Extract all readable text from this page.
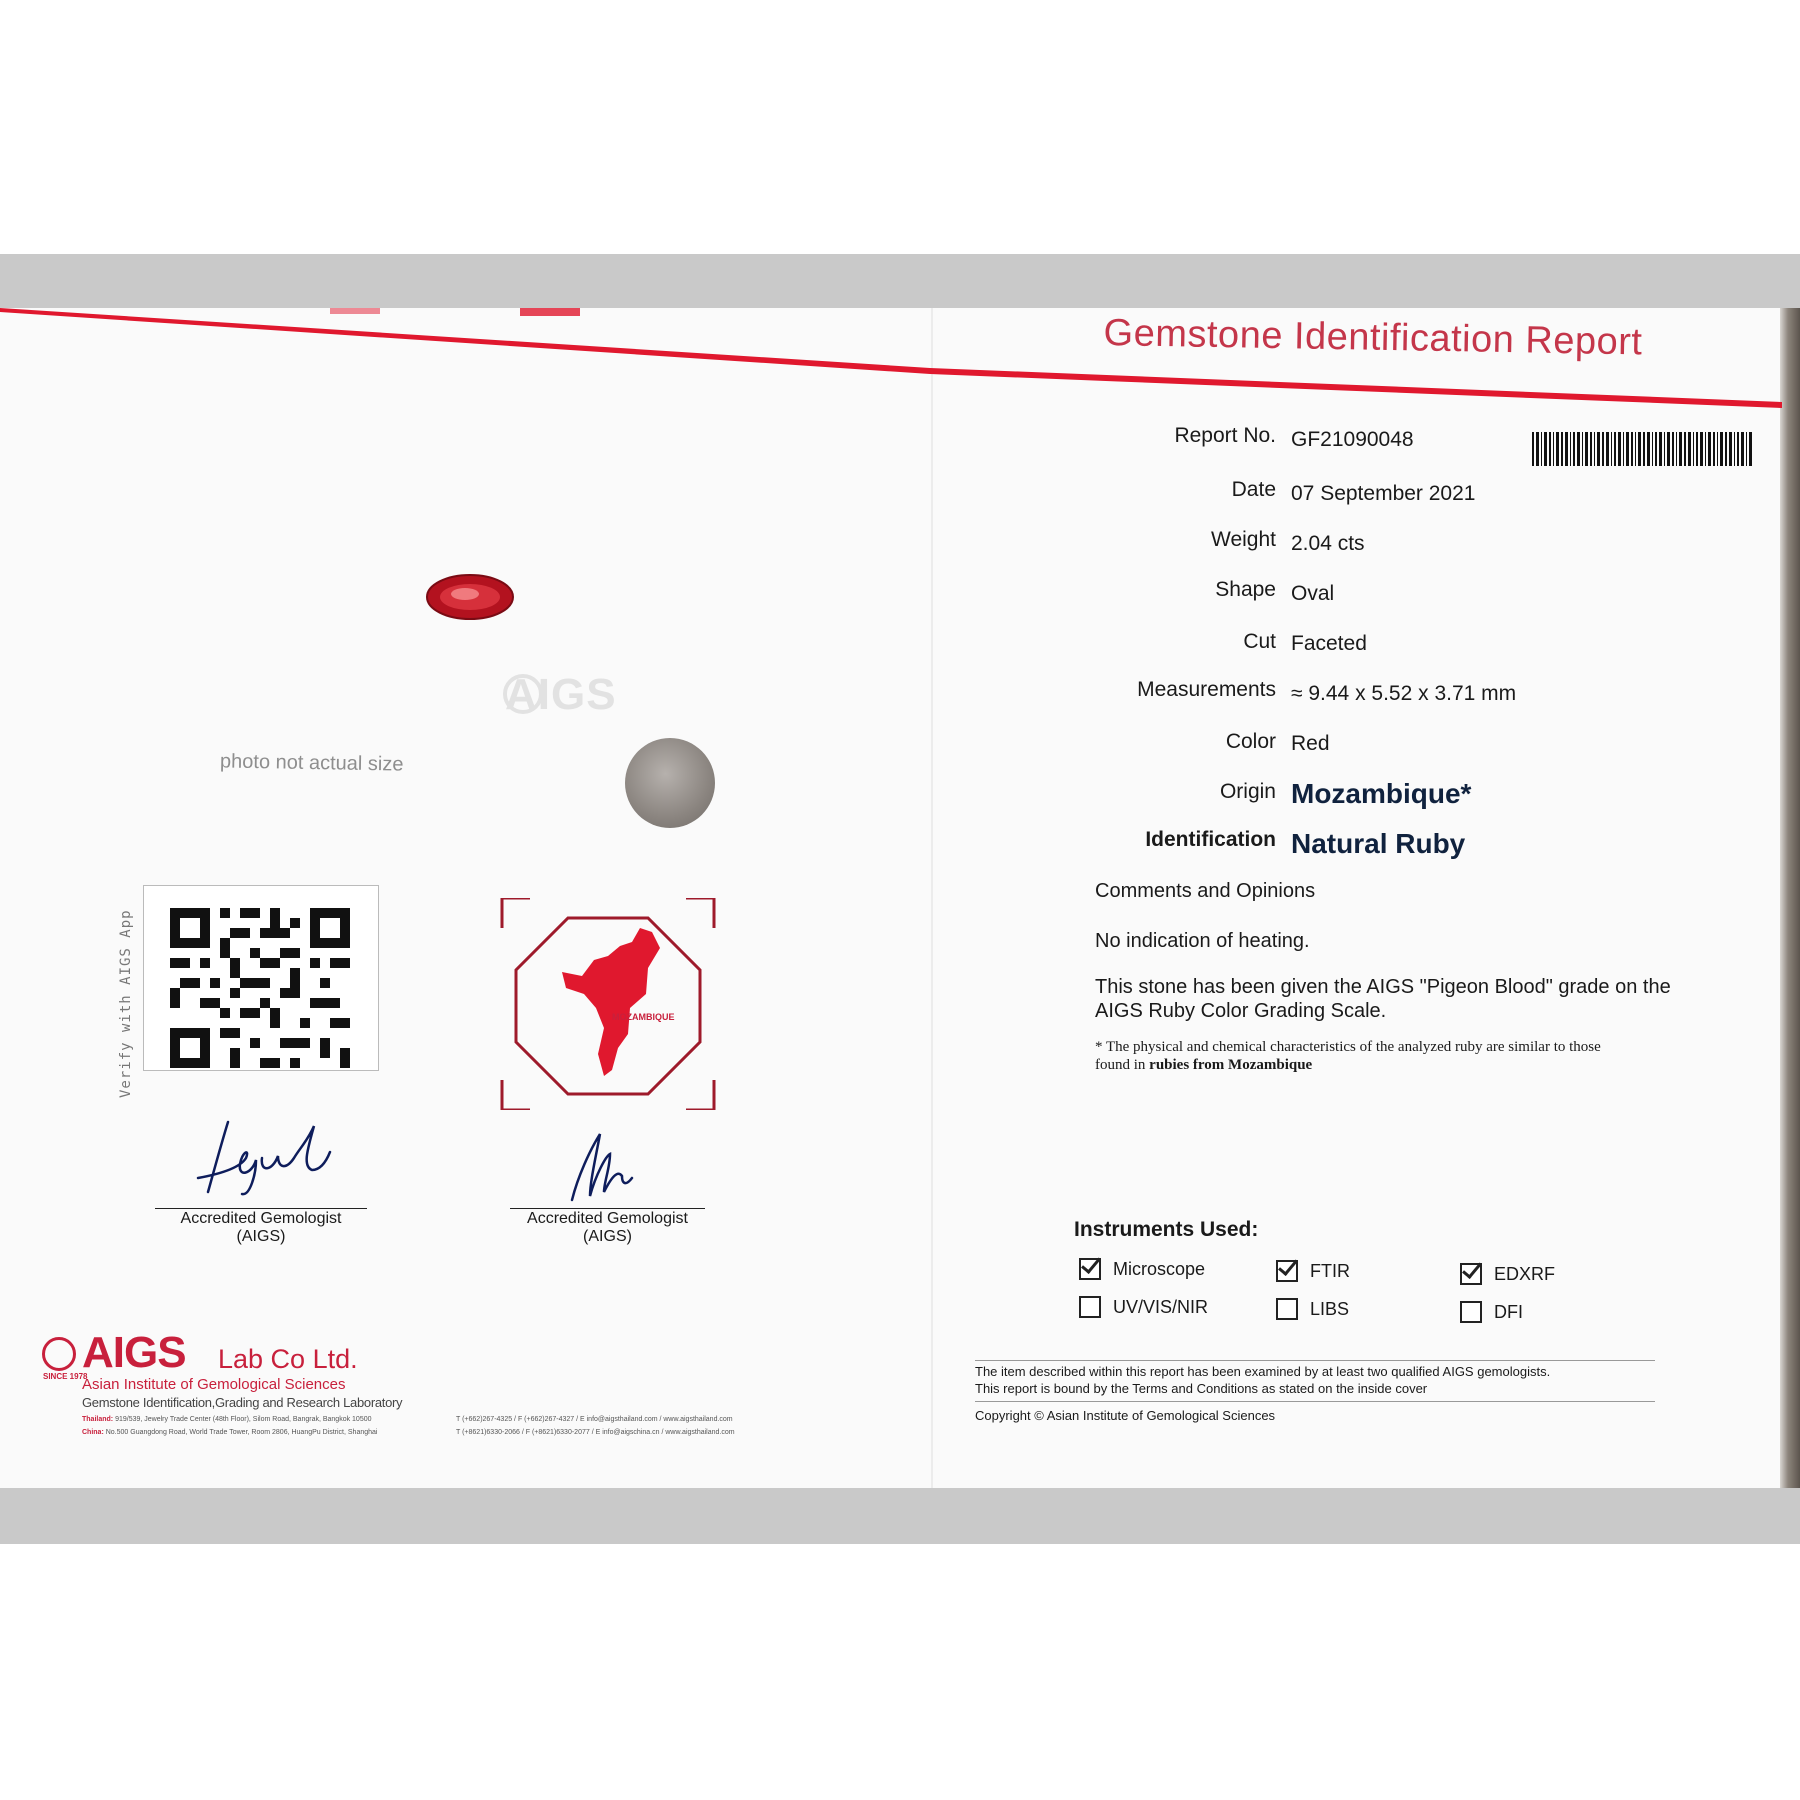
Gemstone Identification Report
Report No. GF21090048
Date 07 September 2021
Weight 2.04 cts
Shape Oval
Cut Faceted
Measurements ≈ 9.44 x 5.52 x 3.71 mm
Color Red
Origin Mozambique*
Identification Natural Ruby
Comments and Opinions
No indication of heating.
This stone has been given the AIGS "Pigeon Blood" grade on the
AIGS Ruby Color Grading Scale.
* The physical and chemical characteristics of the analyzed ruby are similar to those
found in rubies from Mozambique
Instruments Used:
Microscope	FTIR	EDXRF
UV/VIS/NIR	LIBS	DFI
The item described within this report has been examined by at least two qualified AIGS gemologists.
This report is bound by the Terms and Conditions as stated on the inside cover
Copyright © Asian Institute of Gemological Sciences
AIGS
photo not actual size
Verify with AIGS App	MOZAMBIQUE
Accredited Gemologist
(AIGS)
Accredited Gemologist
(AIGS)
SINCE 1978
AIGS Lab Co Ltd.
Asian Institute of Gemological Sciences
Gemstone Identification,Grading and Research Laboratory
Thailand: 919/539, Jewelry Trade Center (48th Floor), Silom Road, Bangrak, Bangkok 10500	T (+662)267-4325 / F (+662)267-4327 / E info@aigsthailand.com / www.aigsthailand.com
China: No.500 Guangdong Road, World Trade Tower, Room 2806, HuangPu District, Shanghai	T (+8621)6330-2066 / F (+8621)6330-2077 / E info@aigschina.cn / www.aigsthailand.com
